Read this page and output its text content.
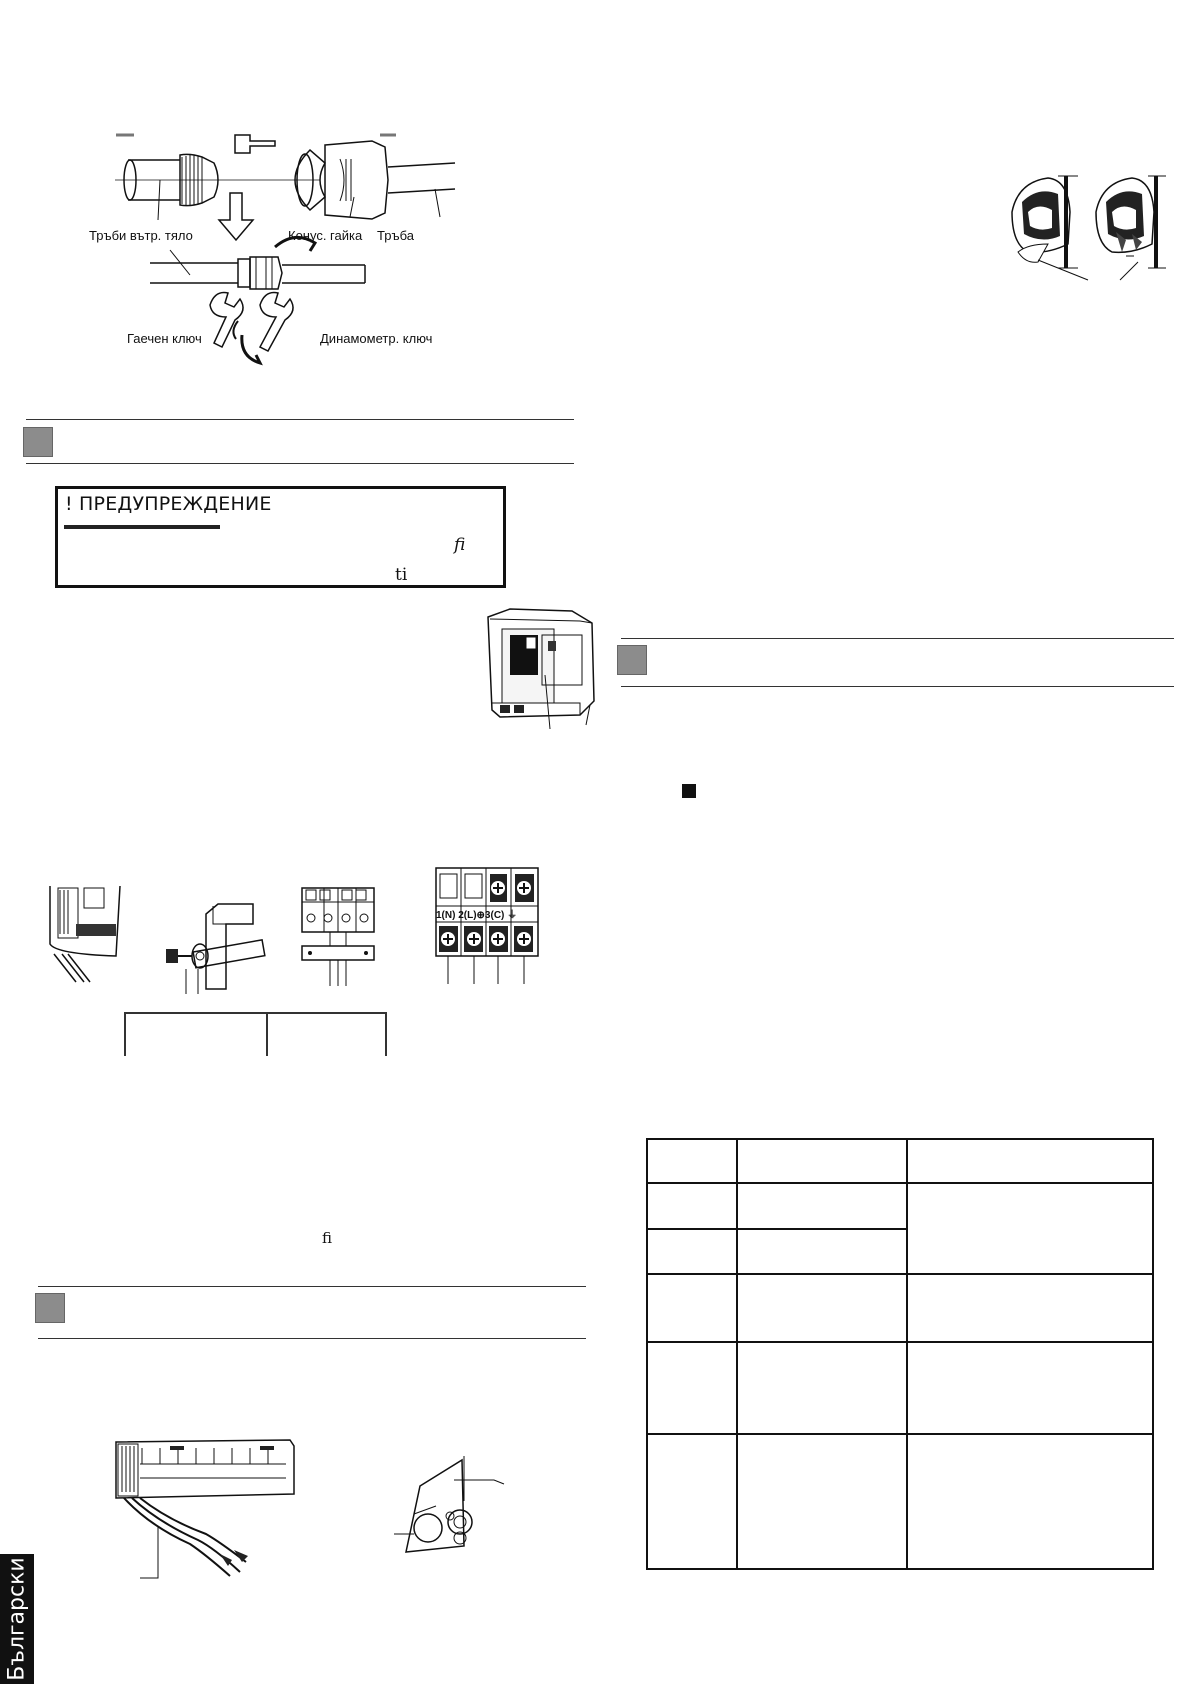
Тръби вътр. тяло	Конус. гайка Тръба
Гаечен ключ	Динамометр. ключ
! ПРЕДУПРЕЖДЕНИЕ
ﬁ
ti
1(N) 2(L)⊕3(C) ⏚

fi

Български
